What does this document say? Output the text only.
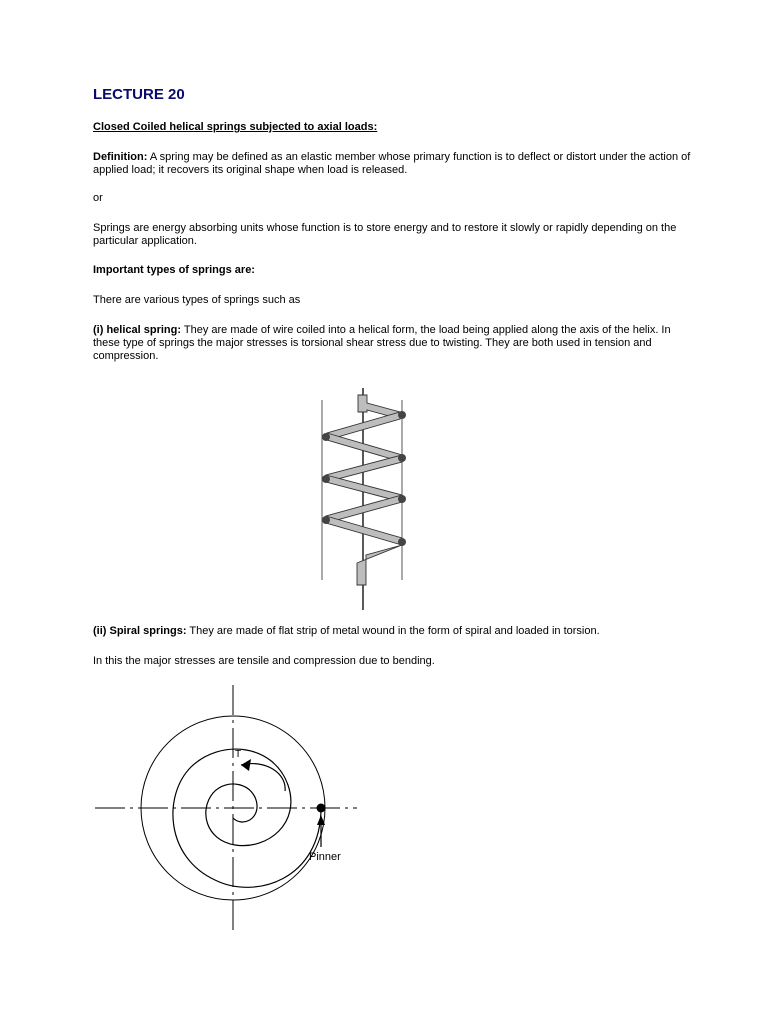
LECTURE 20

Closed Coiled helical springs subjected to axial loads:

Definition: A spring may be defined as an elastic member whose primary function is to deflect or distort under the action of applied load; it recovers its original shape when load is released.

or

Springs are energy absorbing units whose function is to store energy and to restore it slowly or rapidly depending on the particular application.

Important types of springs are:

There are various types of springs such as

(i) helical spring: They are made of wire coiled into a helical form, the load being applied along the axis of the helix. In these type of springs the major stresses is torsional shear stress due to twisting. They are both used in tension and compression.

(ii) Spiral springs: They are made of flat strip of metal wound in the form of spiral and loaded in torsion.

In this the major stresses are tensile and compression due to bending.

T
Pinner
